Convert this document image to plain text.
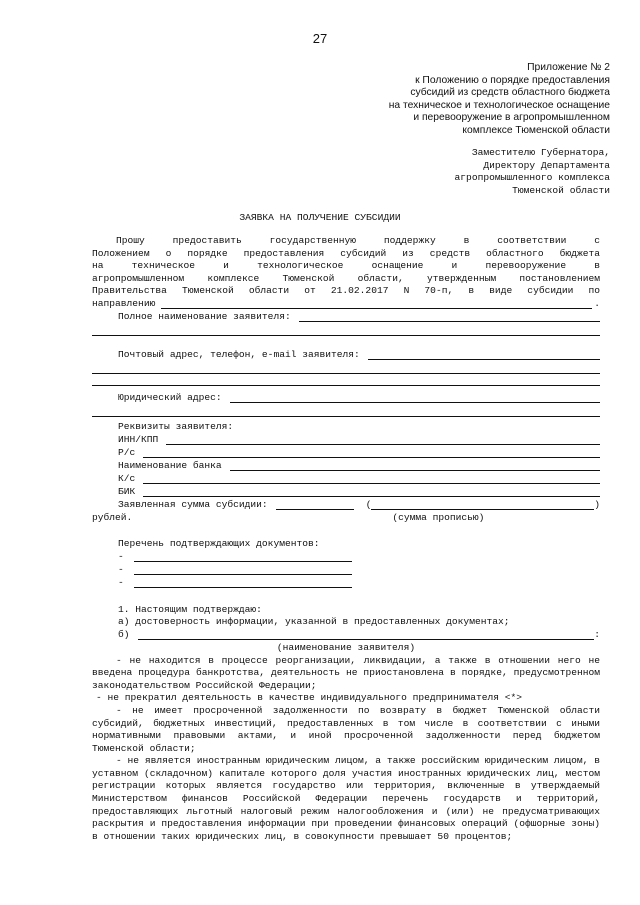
27
Приложение № 2
к Положению о порядке предоставления
субсидий из средств областного бюджета
на техническое и технологическое оснащение
и перевооружение в агропромышленном
комплексе Тюменской области
Заместителю Губернатора,
Директору Департамента
агропромышленного комплекса
Тюменской области
ЗАЯВКА НА ПОЛУЧЕНИЕ СУБСИДИИ
Прошу предоставить государственную поддержку в соответствии с
Положением о порядке предоставления субсидий из средств областного бюджета
на техническое и технологическое оснащение и перевооружение в
агропромышленном комплексе Тюменской области, утвержденным постановлением
Правительства Тюменской области от 21.02.2017 N 70-п, в виде субсидии по
направлению	.
Полное наименование заявителя:
Почтовый адрес, телефон, e-mail заявителя:
Юридический адрес:
Реквизиты заявителя:
ИНН/КПП
Р/с
Наименование банка
К/с
БИК
Заявленная сумма субсидии:	(	)
рублей.	(сумма прописью)
Перечень подтверждающих документов:
-
-
-
1. Настоящим подтверждаю:
а) достоверность информации, указанной в предоставленных документах;
б)	:
(наименование заявителя)
- не находится в процессе реорганизации, ликвидации, а также в отношении него не введена процедура банкротства, деятельность не приостановлена в порядке, предусмотренном законодательством Российской Федерации;
- не прекратил деятельность в качестве индивидуального предпринимателя <*>
- не имеет просроченной задолженности по возврату в бюджет Тюменской области субсидий, бюджетных инвестиций, предоставленных в том числе в соответствии с иными нормативными правовыми актами, и иной просроченной задолженности перед бюджетом Тюменской области;
- не является иностранным юридическим лицом, а также российским юридическим лицом, в уставном (складочном) капитале которого доля участия иностранных юридических лиц, местом регистрации которых является государство или территория, включенные в утверждаемый Министерством финансов Российской Федерации перечень государств и территорий, предоставляющих льготный налоговый режим налогообложения и (или) не предусматривающих раскрытия и предоставления информации при проведении финансовых операций (офшорные зоны) в отношении таких юридических лиц, в совокупности превышает 50 процентов;
